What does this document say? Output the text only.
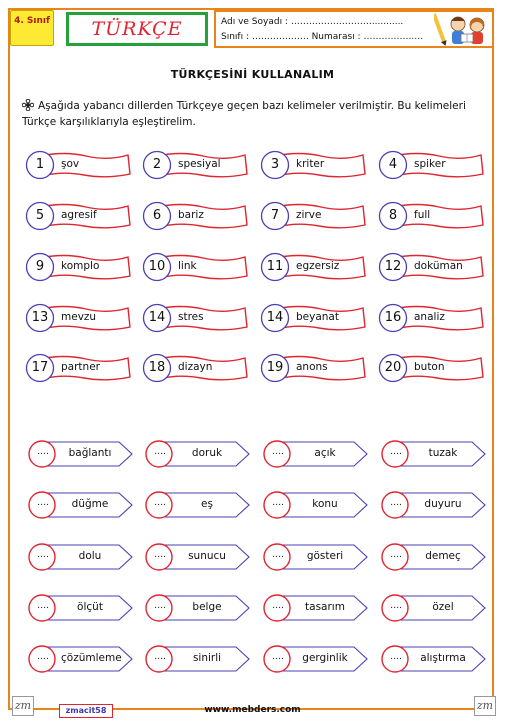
4. Sınıf	TÜRKÇE	Adı ve Soyadı : ………………………...........
Sınıfı : ………………. Numarası : …………….….
TÜRKÇESİNİ KULLANALIM
Aşağıda yabancı dillerden Türkçeye geçen bazı kelimeler verilmiştir. Bu kelimeleri Türkçe karşılıklarıyla eşleştirelim.
1	şov	2	spesiyal	3	kriter	4	spiker
5	agresif	6	bariz	7	zirve	8	full
9	komplo	10	link	11	egzersiz	12	doküman
13	mevzu	14	stres	14	beyanat	16	analiz
17	partner	18	dizayn	19	anons	20	buton
….	bağlantı	….	doruk	….	açık	….	tuzak
….	düğme	….	eş	….	konu	….	duyuru
….	dolu	….	sunucu	….	gösteri	….	demeç
….	ölçüt	….	belge	….	tasarım	….	özel
….	çözümleme	….	sinirli	….	gerginlik	….	alıştırma
zm	zmacit58	www.mebders.com	zm
